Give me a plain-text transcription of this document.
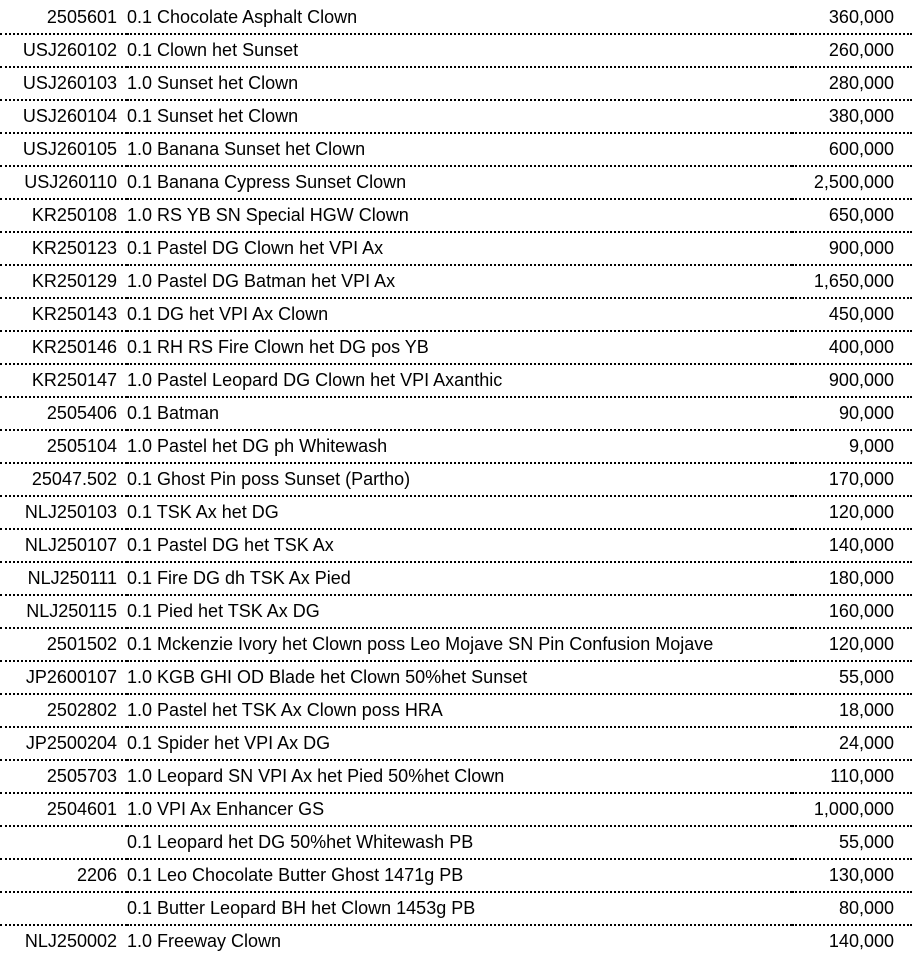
2505601	0.1 Chocolate Asphalt Clown	360,000
USJ260102	0.1 Clown het Sunset	260,000
USJ260103	1.0 Sunset het Clown	280,000
USJ260104	0.1 Sunset het Clown	380,000
USJ260105	1.0 Banana Sunset het Clown	600,000
USJ260110	0.1 Banana Cypress Sunset Clown	2,500,000
KR250108	1.0 RS YB SN Special HGW Clown	650,000
KR250123	0.1 Pastel DG Clown het VPI Ax	900,000
KR250129	1.0 Pastel DG Batman het VPI Ax	1,650,000
KR250143	0.1 DG het VPI Ax Clown	450,000
KR250146	0.1 RH RS Fire Clown het DG pos YB	400,000
KR250147	1.0 Pastel Leopard DG Clown het VPI Axanthic	900,000
2505406	0.1 Batman	90,000
2505104	1.0 Pastel het DG ph Whitewash	9,000
25047.502	0.1 Ghost Pin poss Sunset (Partho)	170,000
NLJ250103	0.1 TSK Ax het DG	120,000
NLJ250107	0.1 Pastel DG het TSK Ax	140,000
NLJ250111	0.1 Fire DG dh TSK Ax Pied	180,000
NLJ250115	0.1 Pied het TSK Ax DG	160,000
2501502	0.1 Mckenzie Ivory het Clown poss Leo Mojave SN Pin Confusion Mojave	120,000
JP2600107	1.0 KGB GHI OD Blade het Clown 50%het Sunset	55,000
2502802	1.0 Pastel het TSK Ax Clown poss HRA	18,000
JP2500204	0.1 Spider het VPI Ax DG	24,000
2505703	1.0 Leopard SN VPI Ax het Pied 50%het Clown	110,000
2504601	1.0 VPI Ax Enhancer GS	1,000,000
	0.1 Leopard het DG 50%het Whitewash PB	55,000
2206	0.1 Leo Chocolate Butter Ghost 1471g PB	130,000
	0.1 Butter Leopard BH het Clown 1453g PB	80,000
NLJ250002	1.0 Freeway Clown	140,000
